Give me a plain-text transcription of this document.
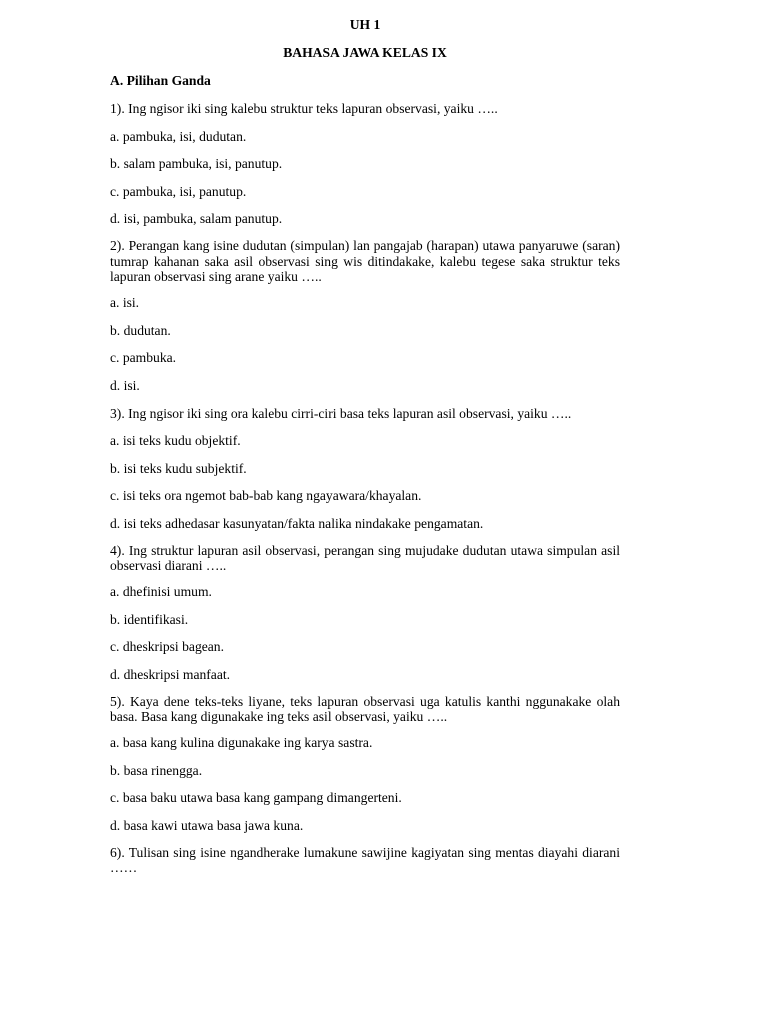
UH 1

BAHASA JAWA KELAS IX

A. Pilihan Ganda

1). Ing ngisor iki sing kalebu struktur teks lapuran observasi, yaiku …..

a. pambuka, isi, dudutan.

b. salam pambuka, isi, panutup.

c. pambuka, isi, panutup.

d. isi, pambuka, salam panutup.

2). Perangan kang isine dudutan (simpulan) lan pangajab (harapan) utawa panyaruwe (saran) tumrap kahanan saka asil observasi sing wis ditindakake, kalebu tegese saka struktur teks lapuran observasi sing arane yaiku …..

a. isi.

b. dudutan.

c. pambuka.

d. isi.

3). Ing ngisor iki sing ora kalebu cirri-ciri basa teks lapuran asil observasi, yaiku …..

a. isi teks kudu objektif.

b. isi teks kudu subjektif.

c. isi teks ora ngemot bab-bab kang ngayawara/khayalan.

d. isi teks adhedasar kasunyatan/fakta nalika nindakake pengamatan.

4). Ing struktur lapuran asil observasi, perangan sing mujudake dudutan utawa simpulan asil observasi diarani …..

a. dhefinisi umum.

b. identifikasi.

c. dheskripsi bagean.

d. dheskripsi manfaat.

5). Kaya dene teks-teks liyane, teks lapuran observasi uga katulis kanthi nggunakake olah basa. Basa kang digunakake ing teks asil observasi, yaiku …..

a. basa kang kulina digunakake ing karya sastra.

b. basa rinengga.

c. basa baku utawa basa kang gampang dimangerteni.

d. basa kawi utawa basa jawa kuna.

6). Tulisan sing isine ngandherake lumakune sawijine kagiyatan sing mentas diayahi diarani ……
